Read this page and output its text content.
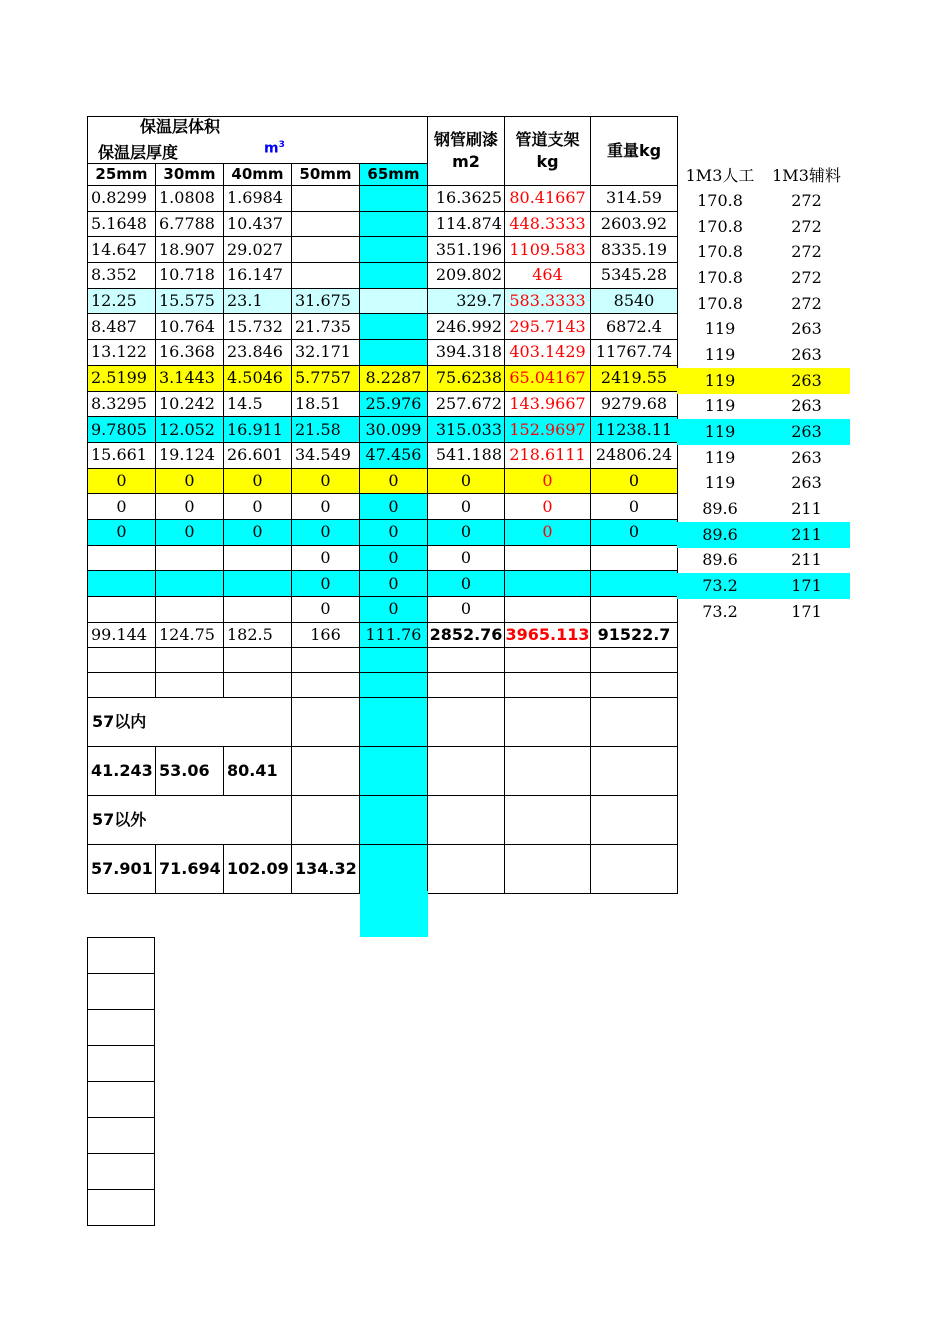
保温层体积
保温层厚度 $m^3$					钢管刷漆m2	管道支架kg	重量kg
25mm	30mm	40mm	50mm	65mm			
0.8299	1.0808	1.6984			16.3625	80.41667	314.59
5.1648	6.7788	10.437			114.874	448.3333	2603.92
14.647	18.907	29.027			351.196	1109.583	8335.19
8.352	10.718	16.147			209.802	464	5345.28
12.25	15.575	23.1	31.675		329.7	583.3333	8540
8.487	10.764	15.732	21.735		246.992	295.7143	6872.4
13.122	16.368	23.846	32.171		394.318	403.1429	11767.74
2.5199	3.1443	4.5046	5.7757	8.2287	75.6238	65.04167	2419.55
8.3295	10.242	14.5	18.51	25.976	257.672	143.9667	9279.68
9.7805	12.052	16.911	21.58	30.099	315.033	152.9697	11238.11
15.661	19.124	26.601	34.549	47.456	541.188	218.6111	24806.24
0	0	0	0	0	0	0	0
0	0	0	0	0	0	0	0
0	0	0	0	0	0	0	0
			0	0	0		
			0	0	0		
			0	0	0		
99.144	124.75	182.5	166	111.76	2852.76	3965.113	91522.7

57以内							
41.243	53.06	80.41					
57以外							
57.901	71.694	102.09	134.32				
1M3人工	1M3辅料
170.8	272
170.8	272
170.8	272
170.8	272
170.8	272
119	263
119	263
119	263
119	263
119	263
119	263
119	263
89.6	211
89.6	211
89.6	211
73.2	171
73.2	171
